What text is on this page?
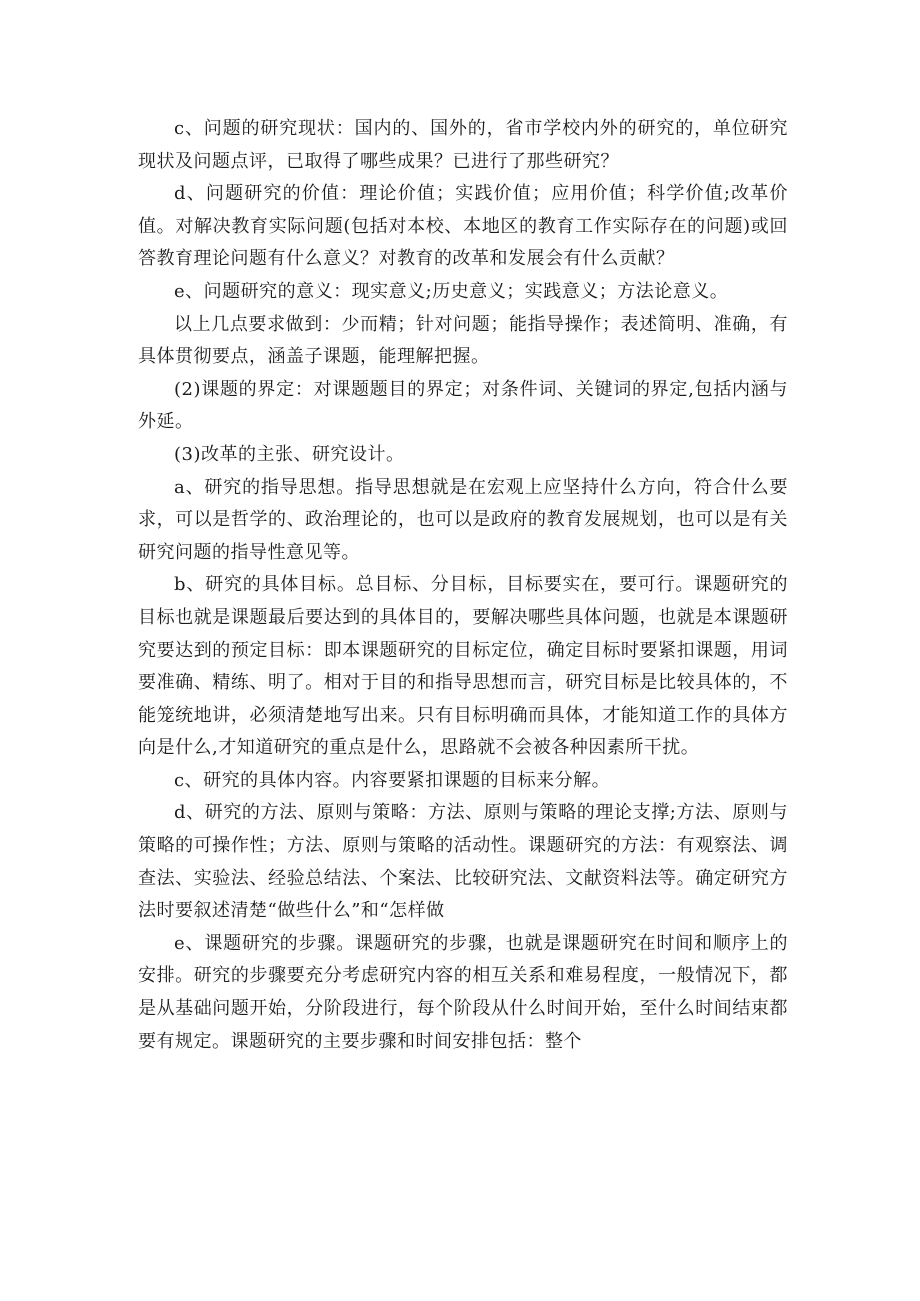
c、问题的研究现状：国内的、国外的，省市学校内外的研究的，单位研究现状及问题点评，已取得了哪些成果？已进行了那些研究？

d、问题研究的价值：理论价值；实践价值；应用价值；科学价值;改革价值。对解决教育实际问题(包括对本校、本地区的教育工作实际存在的问题)或回答教育理论问题有什么意义？对教育的改革和发展会有什么贡献？

e、问题研究的意义：现实意义;历史意义；实践意义；方法论意义。

以上几点要求做到：少而精；针对问题；能指导操作；表述简明、准确，有具体贯彻要点，涵盖子课题，能理解把握。

(2)课题的界定：对课题题目的界定；对条件词、关键词的界定,包括内涵与外延。

(3)改革的主张、研究设计。

a、研究的指导思想。指导思想就是在宏观上应坚持什么方向，符合什么要求，可以是哲学的、政治理论的，也可以是政府的教育发展规划，也可以是有关研究问题的指导性意见等。

b、研究的具体目标。总目标、分目标，目标要实在，要可行。课题研究的目标也就是课题最后要达到的具体目的，要解决哪些具体问题，也就是本课题研究要达到的预定目标：即本课题研究的目标定位，确定目标时要紧扣课题，用词要准确、精练、明了。相对于目的和指导思想而言，研究目标是比较具体的，不能笼统地讲，必须清楚地写出来。只有目标明确而具体，才能知道工作的具体方向是什么,才知道研究的重点是什么，思路就不会被各种因素所干扰。

c、研究的具体内容。内容要紧扣课题的目标来分解。

d、研究的方法、原则与策略：方法、原则与策略的理论支撑;方法、原则与策略的可操作性；方法、原则与策略的活动性。课题研究的方法：有观察法、调查法、实验法、经验总结法、个案法、比较研究法、文献资料法等。确定研究方法时要叙述清楚“做些什么”和“怎样做

e、课题研究的步骤。课题研究的步骤，也就是课题研究在时间和顺序上的安排。研究的步骤要充分考虑研究内容的相互关系和难易程度，一般情况下，都是从基础问题开始，分阶段进行，每个阶段从什么时间开始，至什么时间结束都要有规定。课题研究的主要步骤和时间安排包括：整个
